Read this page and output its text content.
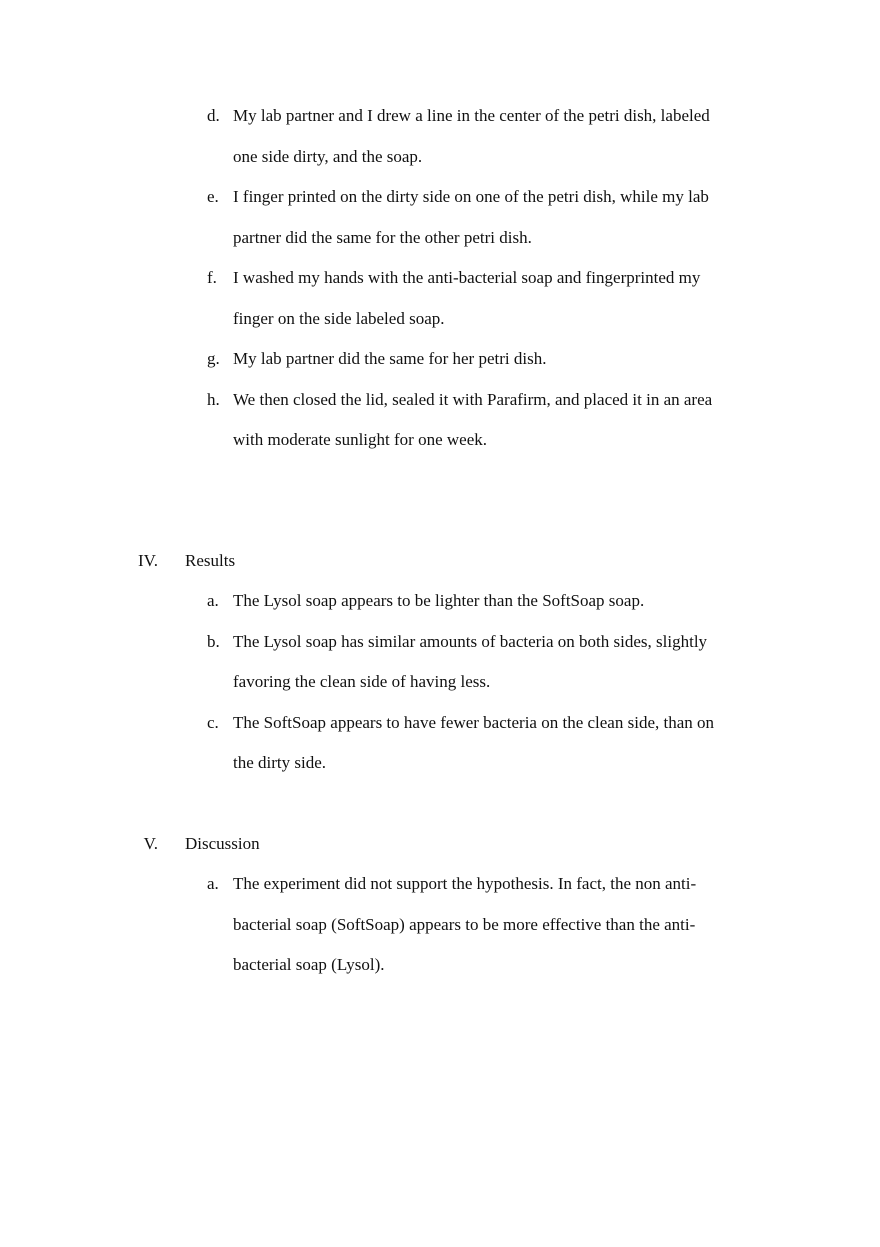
d. My lab partner and I drew a line in the center of the petri dish, labeled one side dirty, and the soap.
e. I finger printed on the dirty side on one of the petri dish, while my lab partner did the same for the other petri dish.
f. I washed my hands with the anti-bacterial soap and fingerprinted my finger on the side labeled soap.
g. My lab partner did the same for her petri dish.
h. We then closed the lid, sealed it with Parafirm, and placed it in an area with moderate sunlight for one week.
IV. Results
a. The Lysol soap appears to be lighter than the SoftSoap soap.
b. The Lysol soap has similar amounts of bacteria on both sides, slightly favoring the clean side of having less.
c. The SoftSoap appears to have fewer bacteria on the clean side, than on the dirty side.
V. Discussion
a. The experiment did not support the hypothesis. In fact, the non anti-bacterial soap (SoftSoap) appears to be more effective than the anti-bacterial soap (Lysol).
